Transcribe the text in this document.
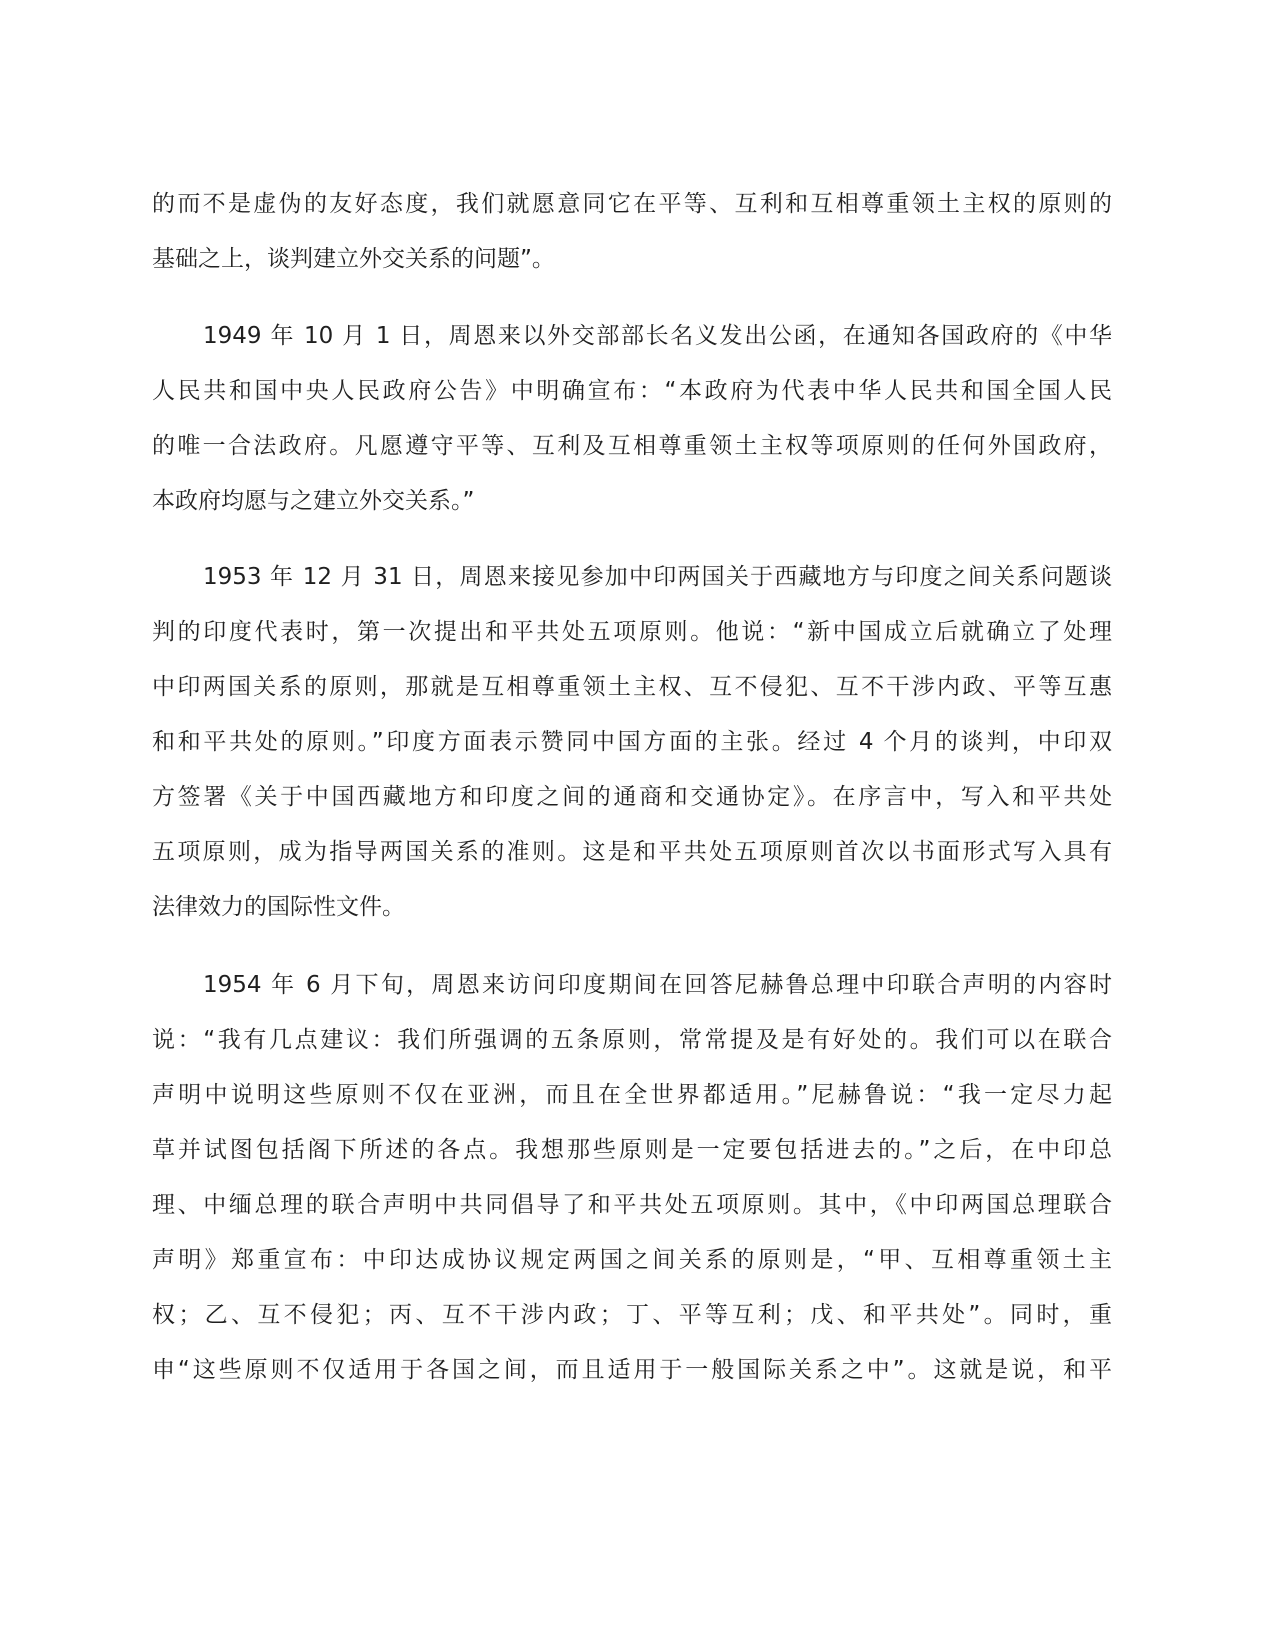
的而不是虚伪的友好态度，我们就愿意同它在平等、互利和互相尊重领土主权的原则的
基础之上，谈判建立外交关系的问题”。
1949 年 10 月 1 日，周恩来以外交部部长名义发出公函，在通知各国政府的《中华
人民共和国中央人民政府公告》中明确宣布：“本政府为代表中华人民共和国全国人民
的唯一合法政府。凡愿遵守平等、互利及互相尊重领土主权等项原则的任何外国政府，
本政府均愿与之建立外交关系。”
1953 年 12 月 31 日，周恩来接见参加中印两国关于西藏地方与印度之间关系问题谈
判的印度代表时，第一次提出和平共处五项原则。他说：“新中国成立后就确立了处理
中印两国关系的原则，那就是互相尊重领土主权、互不侵犯、互不干涉内政、平等互惠
和和平共处的原则。”印度方面表示赞同中国方面的主张。经过 4 个月的谈判，中印双
方签署《关于中国西藏地方和印度之间的通商和交通协定》。在序言中，写入和平共处
五项原则，成为指导两国关系的准则。这是和平共处五项原则首次以书面形式写入具有
法律效力的国际性文件。
1954 年 6 月下旬，周恩来访问印度期间在回答尼赫鲁总理中印联合声明的内容时
说：“我有几点建议：我们所强调的五条原则，常常提及是有好处的。我们可以在联合
声明中说明这些原则不仅在亚洲，而且在全世界都适用。”尼赫鲁说：“我一定尽力起
草并试图包括阁下所述的各点。我想那些原则是一定要包括进去的。”之后，在中印总
理、中缅总理的联合声明中共同倡导了和平共处五项原则。其中，《中印两国总理联合
声明》郑重宣布：中印达成协议规定两国之间关系的原则是，“甲、互相尊重领土主
权；乙、互不侵犯；丙、互不干涉内政；丁、平等互利；戊、和平共处”。同时，重
申“这些原则不仅适用于各国之间，而且适用于一般国际关系之中”。这就是说，和平
